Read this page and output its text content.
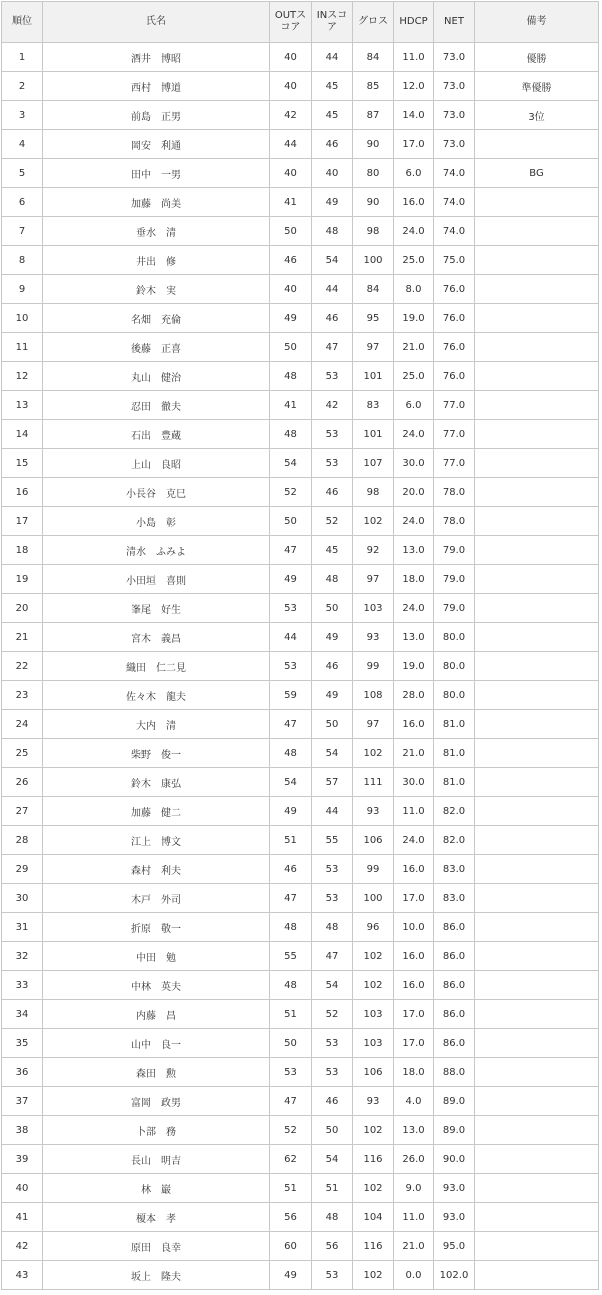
順位	氏名	OUTスコア	INスコア	グロス	HDCP	NET	備考
1	酒井　博昭	40	44	84	11.0	73.0	優勝
2	西村　博道	40	45	85	12.0	73.0	準優勝
3	前島　正男	42	45	87	14.0	73.0	3位
4	岡安　利通	44	46	90	17.0	73.0	
5	田中　一男	40	40	80	6.0	74.0	BG
6	加藤　尚美	41	49	90	16.0	74.0	
7	垂水　清	50	48	98	24.0	74.0	
8	井出　修	46	54	100	25.0	75.0	
9	鈴木　実	40	44	84	8.0	76.0	
10	名畑　充倫	49	46	95	19.0	76.0	
11	後藤　正喜	50	47	97	21.0	76.0	
12	丸山　健治	48	53	101	25.0	76.0	
13	忍田　徹夫	41	42	83	6.0	77.0	
14	石出　豊蔵	48	53	101	24.0	77.0	
15	上山　良昭	54	53	107	30.0	77.0	
16	小長谷　克巳	52	46	98	20.0	78.0	
17	小島　彰	50	52	102	24.0	78.0	
18	清水　ふみよ	47	45	92	13.0	79.0	
19	小田垣　喜則	49	48	97	18.0	79.0	
20	峯尾　好生	53	50	103	24.0	79.0	
21	宮木　義昌	44	49	93	13.0	80.0	
22	織田　仁二見	53	46	99	19.0	80.0	
23	佐々木　龍夫	59	49	108	28.0	80.0	
24	大内　清	47	50	97	16.0	81.0	
25	柴野　俊一	48	54	102	21.0	81.0	
26	鈴木　康弘	54	57	111	30.0	81.0	
27	加藤　健二	49	44	93	11.0	82.0	
28	江上　博文	51	55	106	24.0	82.0	
29	森村　利夫	46	53	99	16.0	83.0	
30	木戸　外司	47	53	100	17.0	83.0	
31	折原　敬一	48	48	96	10.0	86.0	
32	中田　勉	55	47	102	16.0	86.0	
33	中林　英夫	48	54	102	16.0	86.0	
34	内藤　昌	51	52	103	17.0	86.0	
35	山中　良一	50	53	103	17.0	86.0	
36	森田　勲	53	53	106	18.0	88.0	
37	富岡　政男	47	46	93	4.0	89.0	
38	卜部　務	52	50	102	13.0	89.0	
39	長山　明吉	62	54	116	26.0	90.0	
40	林　巌	51	51	102	9.0	93.0	
41	榎本　孝	56	48	104	11.0	93.0	
42	原田　良幸	60	56	116	21.0	95.0	
43	坂上　隆夫	49	53	102	0.0	102.0	
